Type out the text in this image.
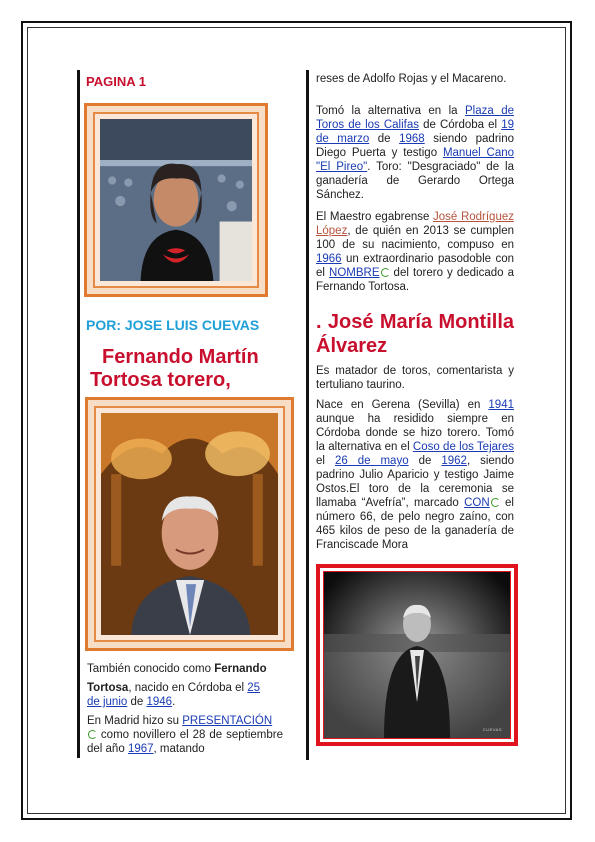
PAGINA 1
POR: JOSE LUIS CUEVAS
Fernando Martín
Tortosa torero,
También conocido como Fernando
Tortosa, nacido en Córdoba el 25
de junio de 1946.
En Madrid hizo su PRESENTACIÓN
como novillero el 28 de septiembre del año 1967, matando
reses de Adolfo Rojas y el Macareno.
Tomó la alternativa en la Plaza de Toros de los Califas de Córdoba el 19 de marzo de 1968 siendo padrino Diego Puerta y testigo Manuel Cano "El Pireo". Toro: "Desgraciado" de la ganadería de Gerardo Ortega Sánchez.
El Maestro egabrense José Rodríguez López, de quién en 2013 se cumplen 100 de su nacimiento, compuso en 1966 un extraordinario pasodoble con el NOMBRE del torero y dedicado a Fernando Tortosa.
. José María Montilla Álvarez
Es matador de toros, comentarista y tertuliano taurino.
Nace en Gerena (Sevilla) en 1941 aunque ha residido siempre en Córdoba donde se hizo torero. Tomó la alternativa en el Coso de los Tejares el 26 de mayo de 1962, siendo padrino Julio Aparicio y testigo Jaime Ostos.El toro de la ceremonia se llamaba “Avefría”, marcado CON el número 66, de pelo negro zaíno, con 465 kilos de peso de la ganadería de Franciscade Mora
CUEVAS
